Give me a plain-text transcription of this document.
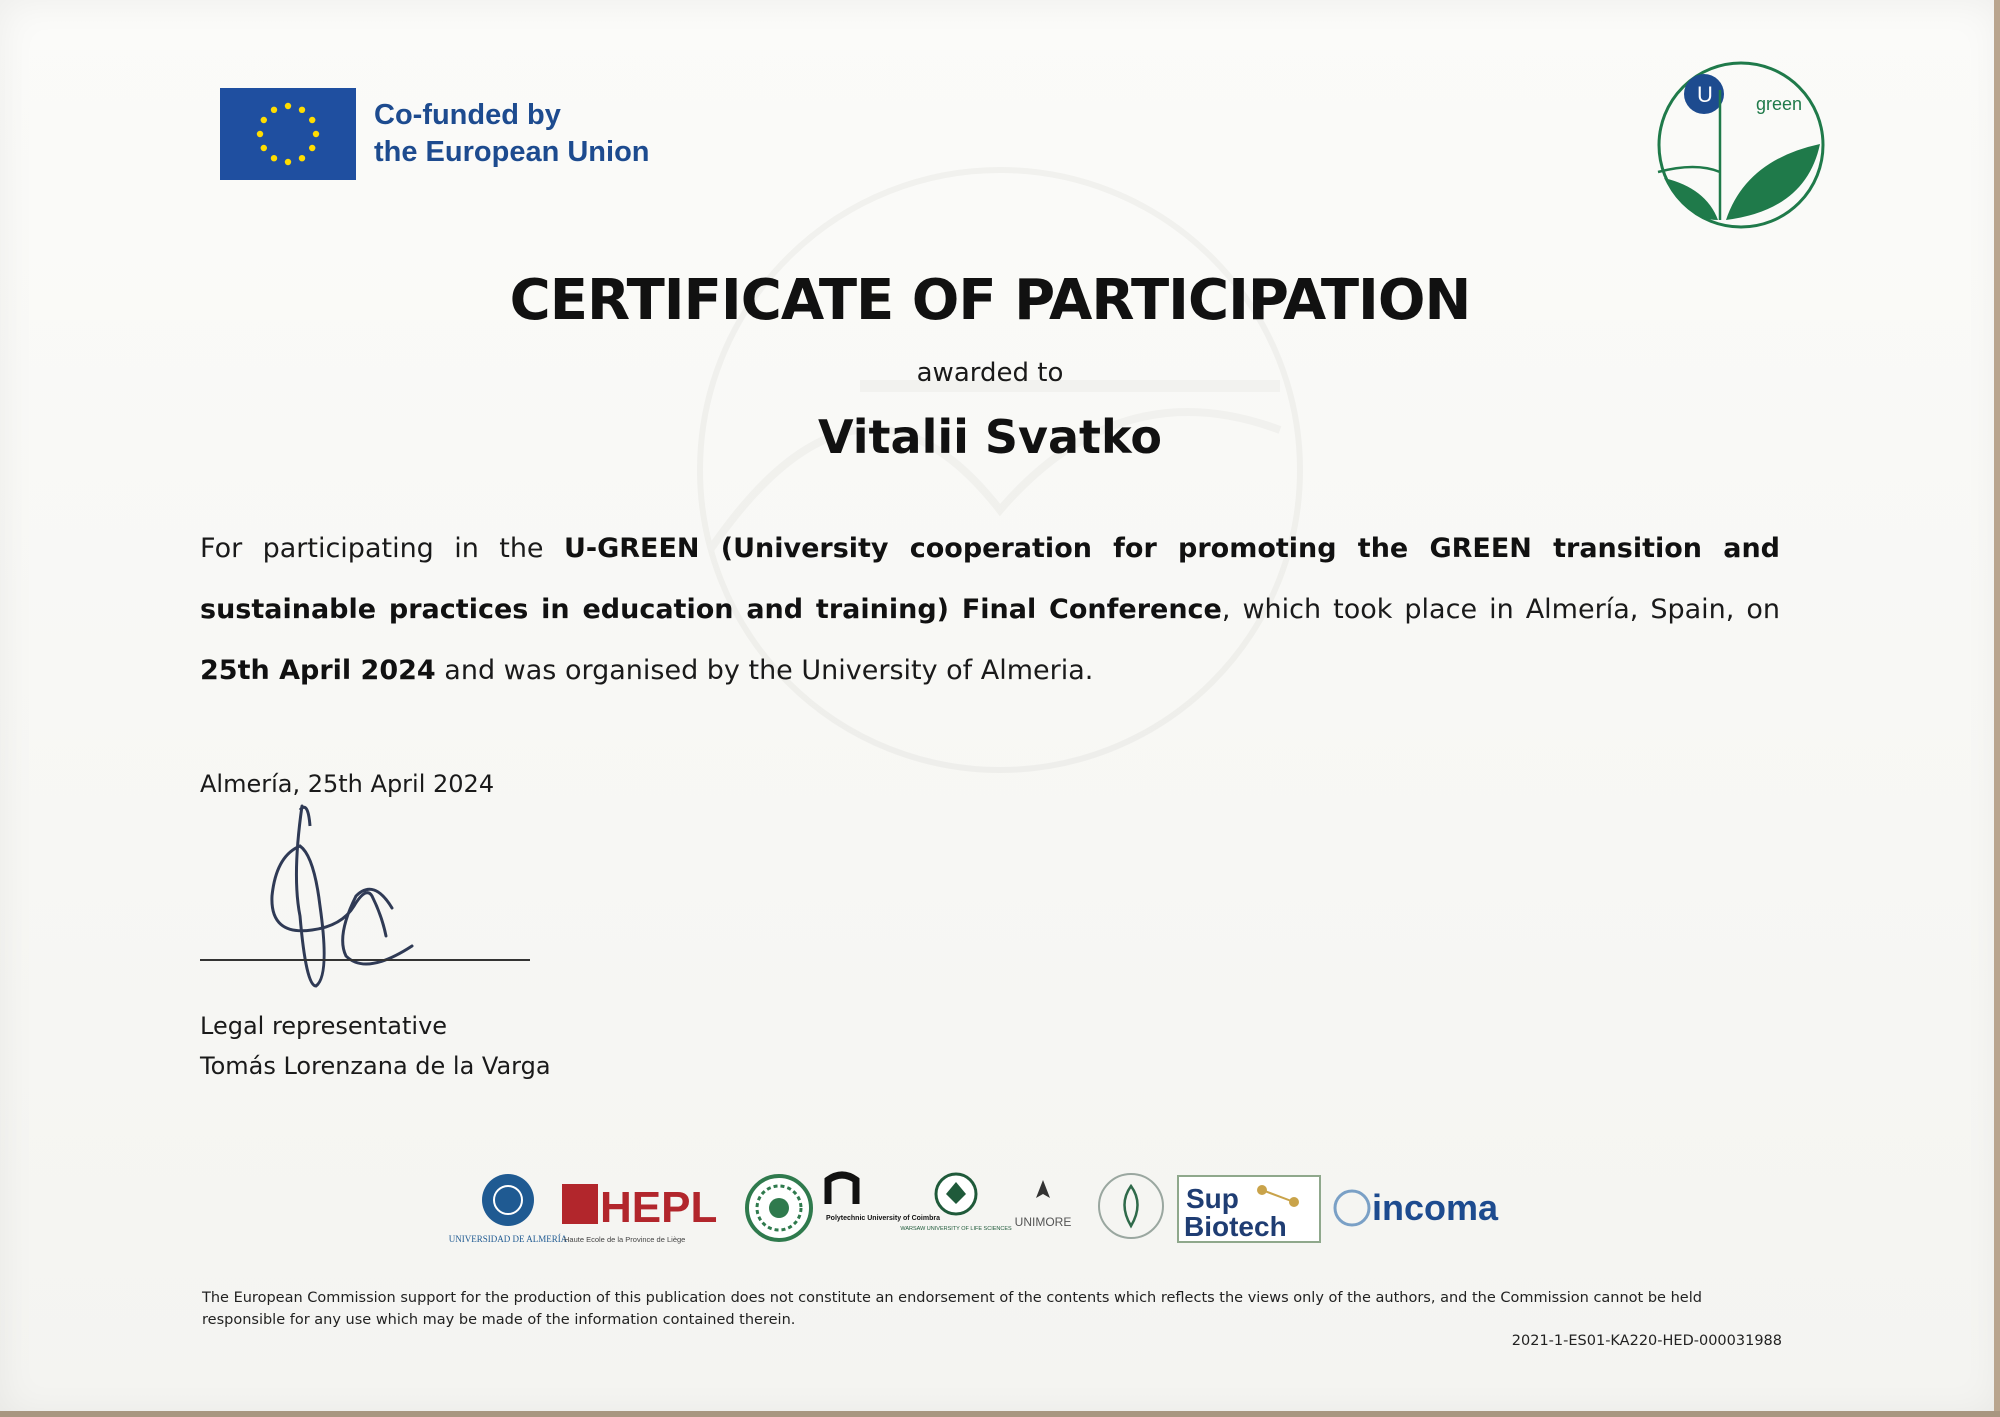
Co-funded by
the European Union
U green
CERTIFICATE OF PARTICIPATION
awarded to
Vitalii Svatko
For participating in the U-GREEN (University cooperation for promoting the GREEN transition and sustainable practices in education and training) Final Conference, which took place in Almería, Spain, on 25th April 2024 and was organised by the University of Almeria.
Almería, 25th April 2024
Legal representative
Tomás Lorenzana de la Varga
UNIVERSIDAD DE ALMERÍA
HEPL
Haute Ecole de la Province de Liège
Polytechnic University of Coimbra
WARSAW UNIVERSITY OF LIFE SCIENCES UNIMORE
Sup
Biotech incoma
The European Commission support for the production of this publication does not constitute an endorsement of the contents which reflects the views only of the authors, and the Commission cannot be held responsible for any use which may be made of the information contained therein.
2021-1-ES01-KA220-HED-000031988
